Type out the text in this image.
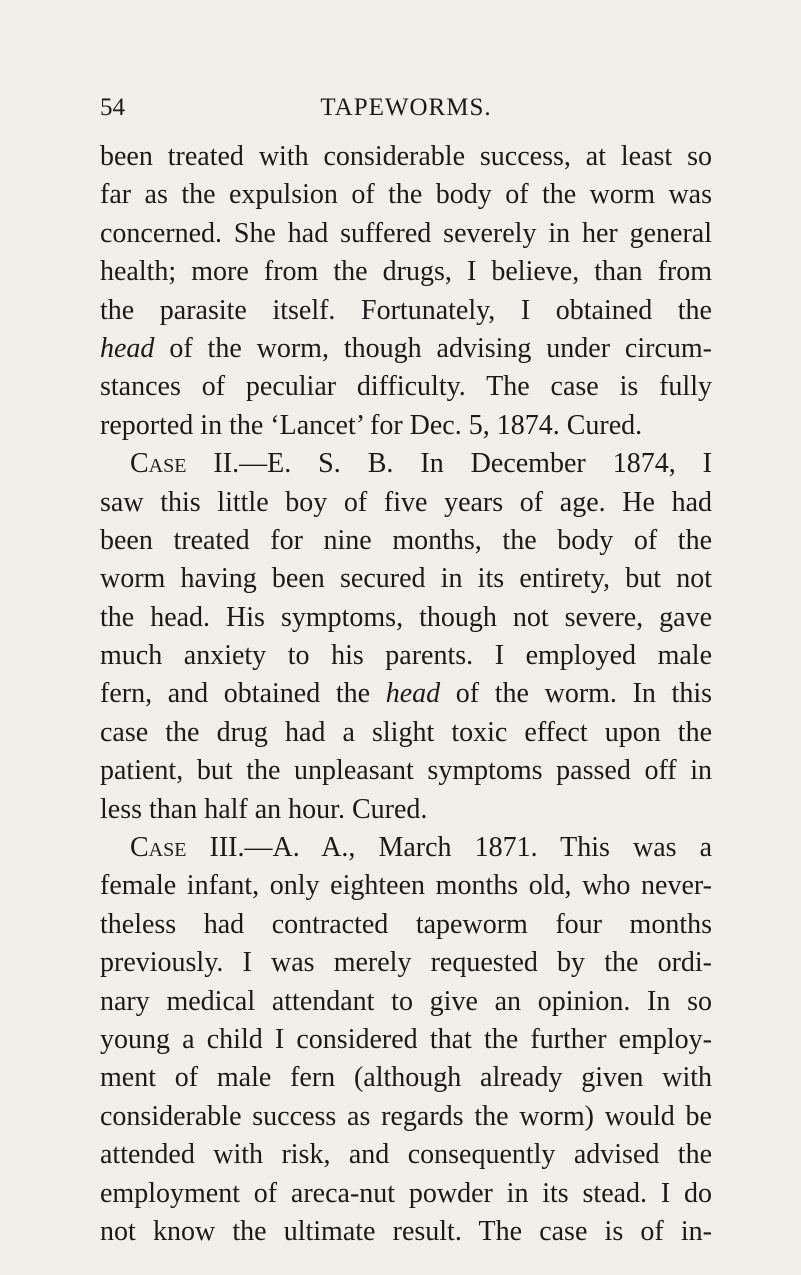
54	TAPEWORMS.
been treated with considerable success, at least so
far as the expulsion of the body of the worm was
concerned. She had suffered severely in her general
health; more from the drugs, I believe, than from
the parasite itself. Fortunately, I obtained the
head of the worm, though advising under circum-
stances of peculiar difficulty. The case is fully
reported in the ‘Lancet’ for Dec. 5, 1874. Cured.
Case II.—E. S. B. In December 1874, I
saw this little boy of five years of age. He had
been treated for nine months, the body of the
worm having been secured in its entirety, but not
the head. His symptoms, though not severe, gave
much anxiety to his parents. I employed male
fern, and obtained the head of the worm. In this
case the drug had a slight toxic effect upon the
patient, but the unpleasant symptoms passed off in
less than half an hour. Cured.
Case III.—A. A., March 1871. This was a
female infant, only eighteen months old, who never-
theless had contracted tapeworm four months
previously. I was merely requested by the ordi-
nary medical attendant to give an opinion. In so
young a child I considered that the further employ-
ment of male fern (although already given with
considerable success as regards the worm) would be
attended with risk, and consequently advised the
employment of areca-nut powder in its stead. I do
not know the ultimate result. The case is of in-
